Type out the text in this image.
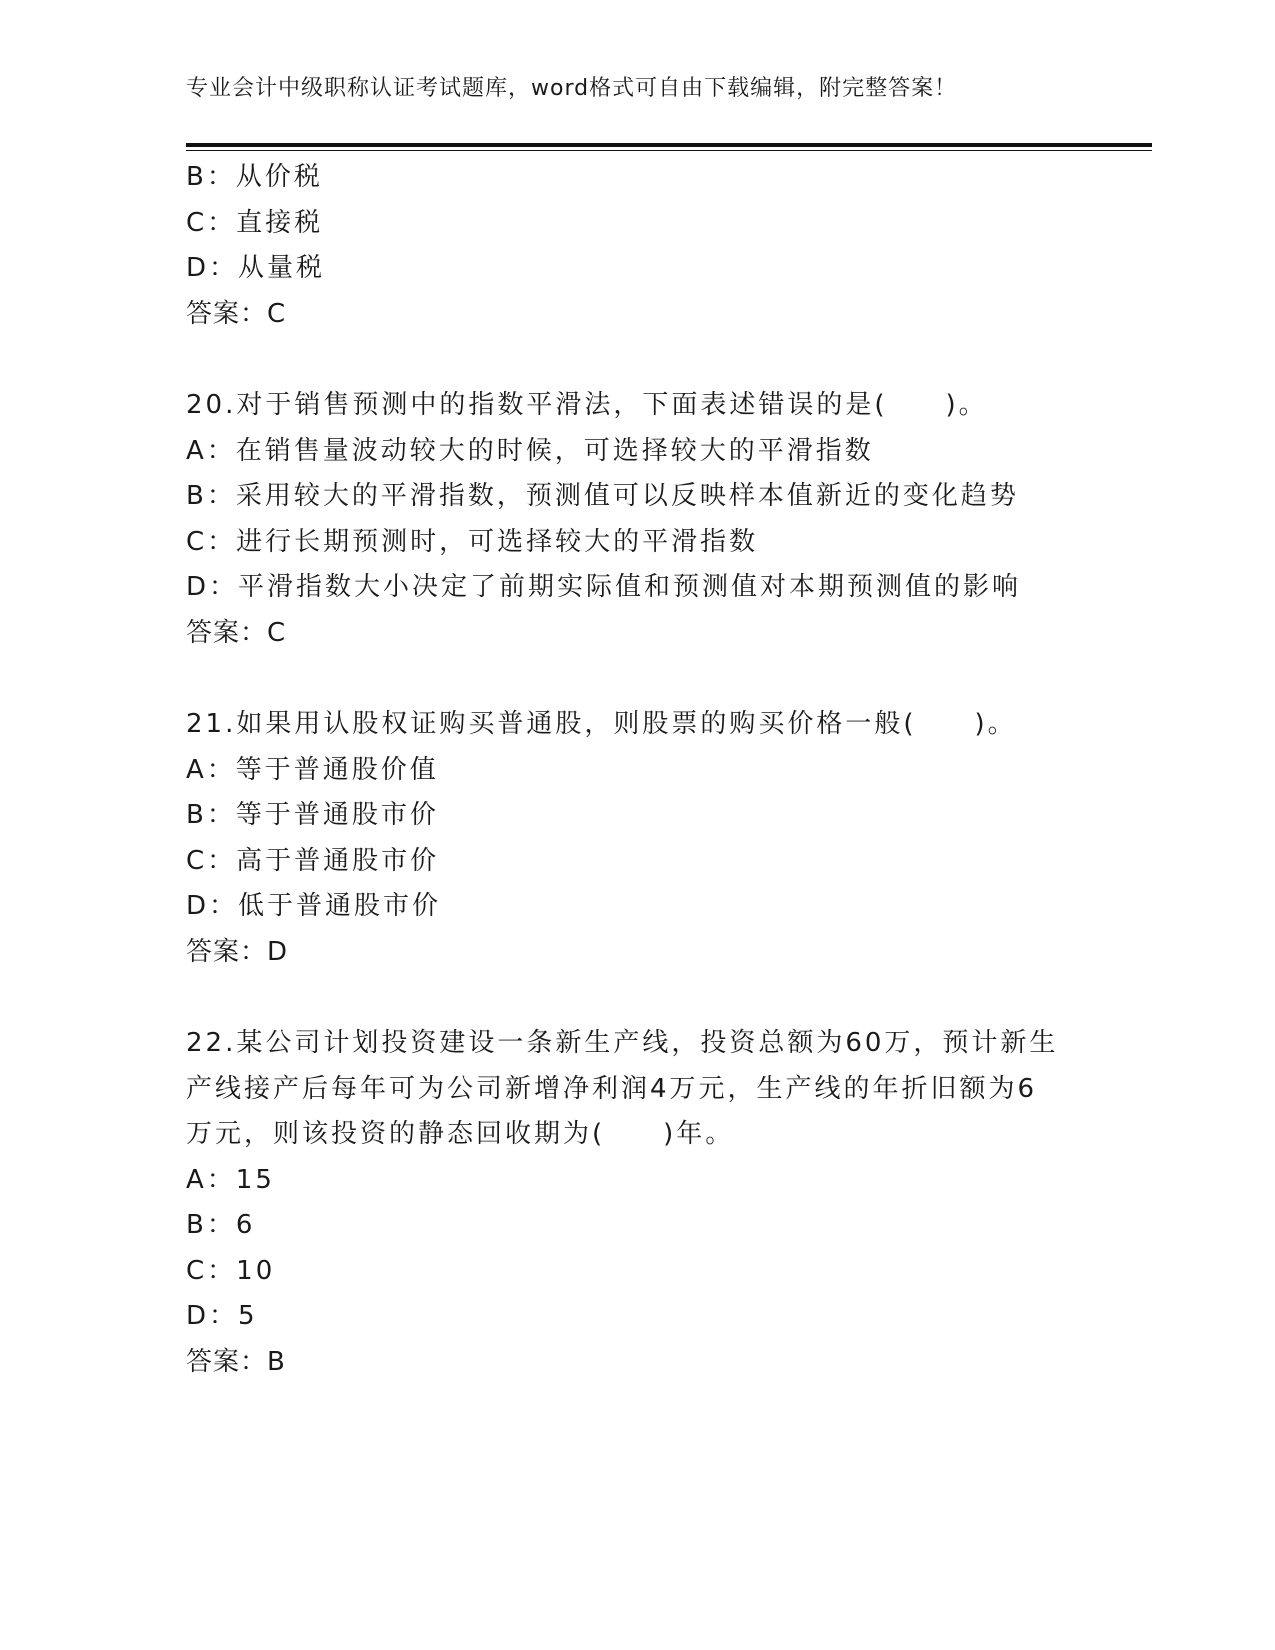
专业会计中级职称认证考试题库，word格式可自由下载编辑，附完整答案！
B：从价税
C：直接税
D：从量税
答案：C
20.对于销售预测中的指数平滑法，下面表述错误的是(　　)。
A：在销售量波动较大的时候，可选择较大的平滑指数
B：采用较大的平滑指数，预测值可以反映样本值新近的变化趋势
C：进行长期预测时，可选择较大的平滑指数
D：平滑指数大小决定了前期实际值和预测值对本期预测值的影响
答案：C
21.如果用认股权证购买普通股，则股票的购买价格一般(　　)。
A：等于普通股价值
B：等于普通股市价
C：高于普通股市价
D：低于普通股市价
答案：D
22.某公司计划投资建设一条新生产线，投资总额为60万，预计新生
产线接产后每年可为公司新增净利润4万元，生产线的年折旧额为6
万元，则该投资的静态回收期为(　　)年。
A：15
B：6
C：10
D：5
答案：B
